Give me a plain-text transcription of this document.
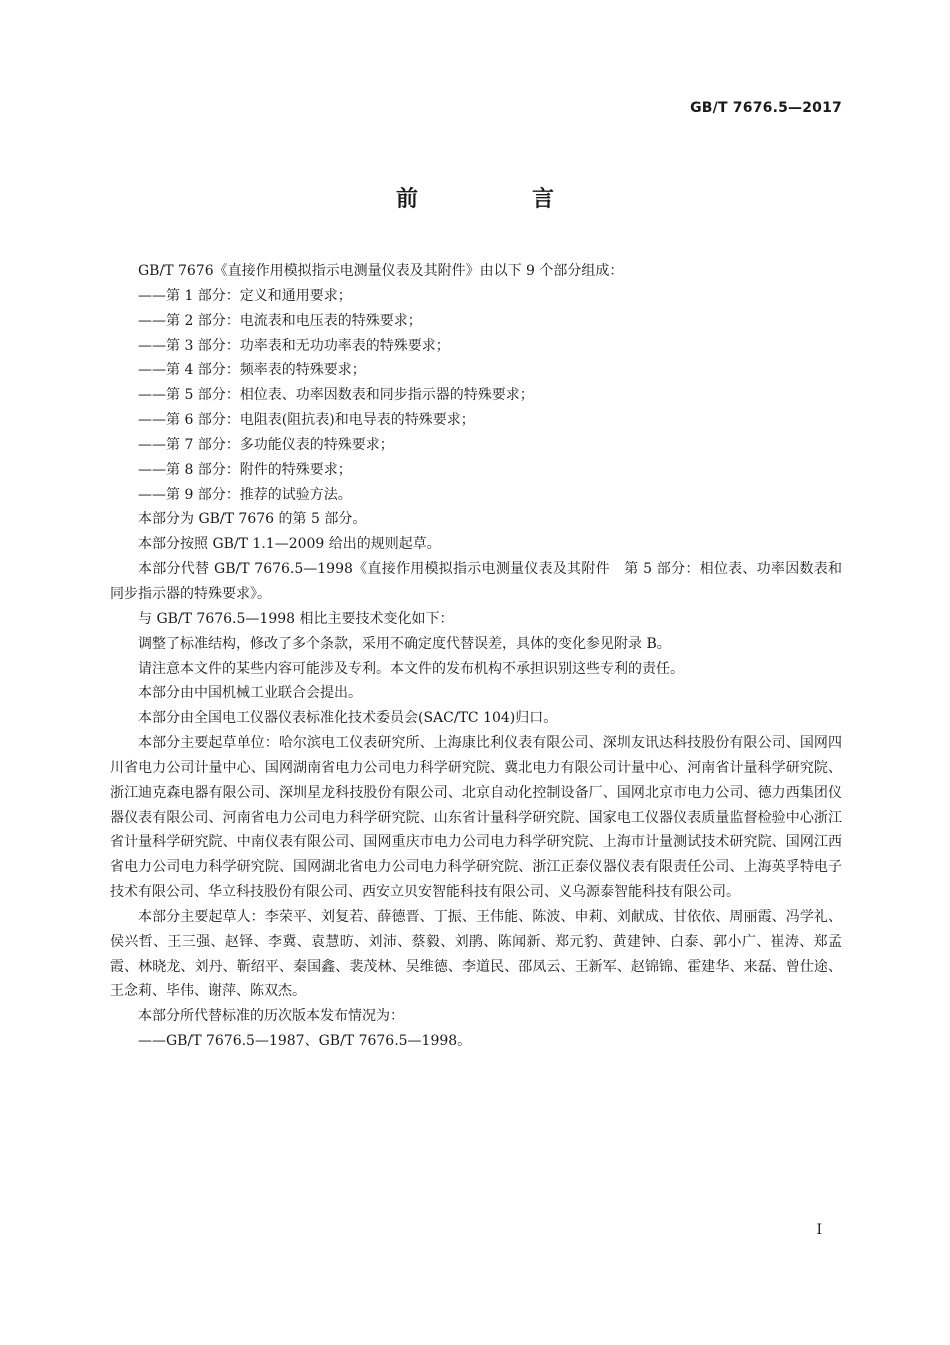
GB/T 7676.5—2017
前　言

GB/T 7676《直接作用模拟指示电测量仪表及其附件》由以下 9 个部分组成：

——第 1 部分：定义和通用要求；

——第 2 部分：电流表和电压表的特殊要求；

——第 3 部分：功率表和无功功率表的特殊要求；

——第 4 部分：频率表的特殊要求；

——第 5 部分：相位表、功率因数表和同步指示器的特殊要求；

——第 6 部分：电阻表(阻抗表)和电导表的特殊要求；

——第 7 部分：多功能仪表的特殊要求；

——第 8 部分：附件的特殊要求；

——第 9 部分：推荐的试验方法。

本部分为 GB/T 7676 的第 5 部分。

本部分按照 GB/T 1.1—2009 给出的规则起草。

本部分代替 GB/T 7676.5—1998《直接作用模拟指示电测量仪表及其附件　第 5 部分：相位表、功率因数表和同步指示器的特殊要求》。

与 GB/T 7676.5—1998 相比主要技术变化如下：

调整了标准结构，修改了多个条款，采用不确定度代替误差，具体的变化参见附录 B。

请注意本文件的某些内容可能涉及专利。本文件的发布机构不承担识别这些专利的责任。

本部分由中国机械工业联合会提出。

本部分由全国电工仪器仪表标准化技术委员会(SAC/TC 104)归口。

本部分主要起草单位：哈尔滨电工仪表研究所、上海康比利仪表有限公司、深圳友讯达科技股份有限公司、国网四川省电力公司计量中心、国网湖南省电力公司电力科学研究院、冀北电力有限公司计量中心、河南省计量科学研究院、浙江迪克森电器有限公司、深圳星龙科技股份有限公司、北京自动化控制设备厂、国网北京市电力公司、德力西集团仪器仪表有限公司、河南省电力公司电力科学研究院、山东省计量科学研究院、国家电工仪器仪表质量监督检验中心浙江省计量科学研究院、中南仪表有限公司、国网重庆市电力公司电力科学研究院、上海市计量测试技术研究院、国网江西省电力公司电力科学研究院、国网湖北省电力公司电力科学研究院、浙江正泰仪器仪表有限责任公司、上海英孚特电子技术有限公司、华立科技股份有限公司、西安立贝安智能科技有限公司、义乌源泰智能科技有限公司。

本部分主要起草人：李荣平、刘复若、薛德晋、丁振、王伟能、陈波、申莉、刘献成、甘依依、周丽霞、冯学礼、侯兴哲、王三强、赵铎、李冀、袁慧昉、刘沛、蔡毅、刘鹃、陈闻新、郑元豹、黄建钟、白泰、郭小广、崔涛、郑孟霞、林晓龙、刘丹、靳绍平、秦国鑫、裴茂林、吴维德、李道民、邵凤云、王新军、赵锦锦、霍建华、来磊、曾仕途、王念莉、毕伟、谢萍、陈双杰。

本部分所代替标准的历次版本发布情况为：

——GB/T 7676.5—1987、GB/T 7676.5—1998。

I
